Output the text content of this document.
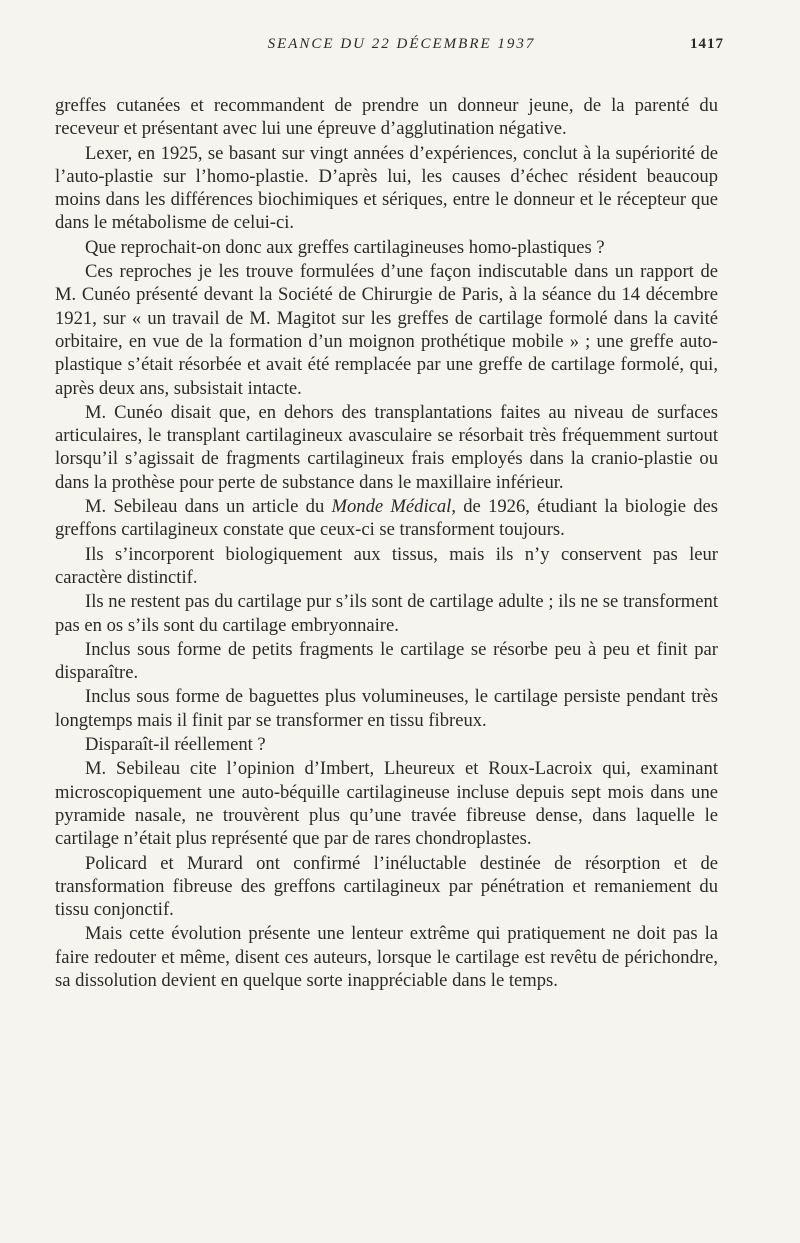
SEANCE DU 22 DÉCEMBRE 1937	1417

greffes cutanées et recommandent de prendre un donneur jeune, de la parenté du receveur et présentant avec lui une épreuve d’agglutination négative.

Lexer, en 1925, se basant sur vingt années d’expériences, conclut à la supériorité de l’auto-plastie sur l’homo-plastie. D’après lui, les causes d’échec résident beaucoup moins dans les différences biochimiques et sériques, entre le donneur et le récepteur que dans le métabolisme de celui-ci.

Que reprochait-on donc aux greffes cartilagineuses homo-plastiques ?

Ces reproches je les trouve formulées d’une façon indiscutable dans un rapport de M. Cunéo présenté devant la Société de Chirurgie de Paris, à la séance du 14 décembre 1921, sur « un travail de M. Magitot sur les greffes de cartilage formolé dans la cavité orbitaire, en vue de la formation d’un moignon prothétique mobile » ; une greffe auto-plastique s’était résorbée et avait été remplacée par une greffe de cartilage formolé, qui, après deux ans, subsistait intacte.

M. Cunéo disait que, en dehors des transplantations faites au niveau de surfaces articulaires, le transplant cartilagineux avasculaire se résorbait très fréquemment surtout lorsqu’il s’agissait de fragments cartilagineux frais employés dans la cranio-plastie ou dans la prothèse pour perte de substance dans le maxillaire inférieur.

M. Sebileau dans un article du Monde Médical, de 1926, étudiant la biologie des greffons cartilagineux constate que ceux-ci se transforment toujours.

Ils s’incorporent biologiquement aux tissus, mais ils n’y conservent pas leur caractère distinctif.

Ils ne restent pas du cartilage pur s’ils sont de cartilage adulte ; ils ne se transforment pas en os s’ils sont du cartilage embryonnaire.

Inclus sous forme de petits fragments le cartilage se résorbe peu à peu et finit par disparaître.

Inclus sous forme de baguettes plus volumineuses, le cartilage persiste pendant très longtemps mais il finit par se transformer en tissu fibreux.

Disparaît-il réellement ?

M. Sebileau cite l’opinion d’Imbert, Lheureux et Roux-Lacroix qui, examinant microscopiquement une auto-béquille cartilagineuse incluse depuis sept mois dans une pyramide nasale, ne trouvèrent plus qu’une travée fibreuse dense, dans laquelle le cartilage n’était plus représenté que par de rares chondroplastes.

Policard et Murard ont confirmé l’inéluctable destinée de résorption et de transformation fibreuse des greffons cartilagineux par pénétration et remaniement du tissu conjonctif.

Mais cette évolution présente une lenteur extrême qui pratiquement ne doit pas la faire redouter et même, disent ces auteurs, lorsque le cartilage est revêtu de périchondre, sa dissolution devient en quelque sorte inappréciable dans le temps.
